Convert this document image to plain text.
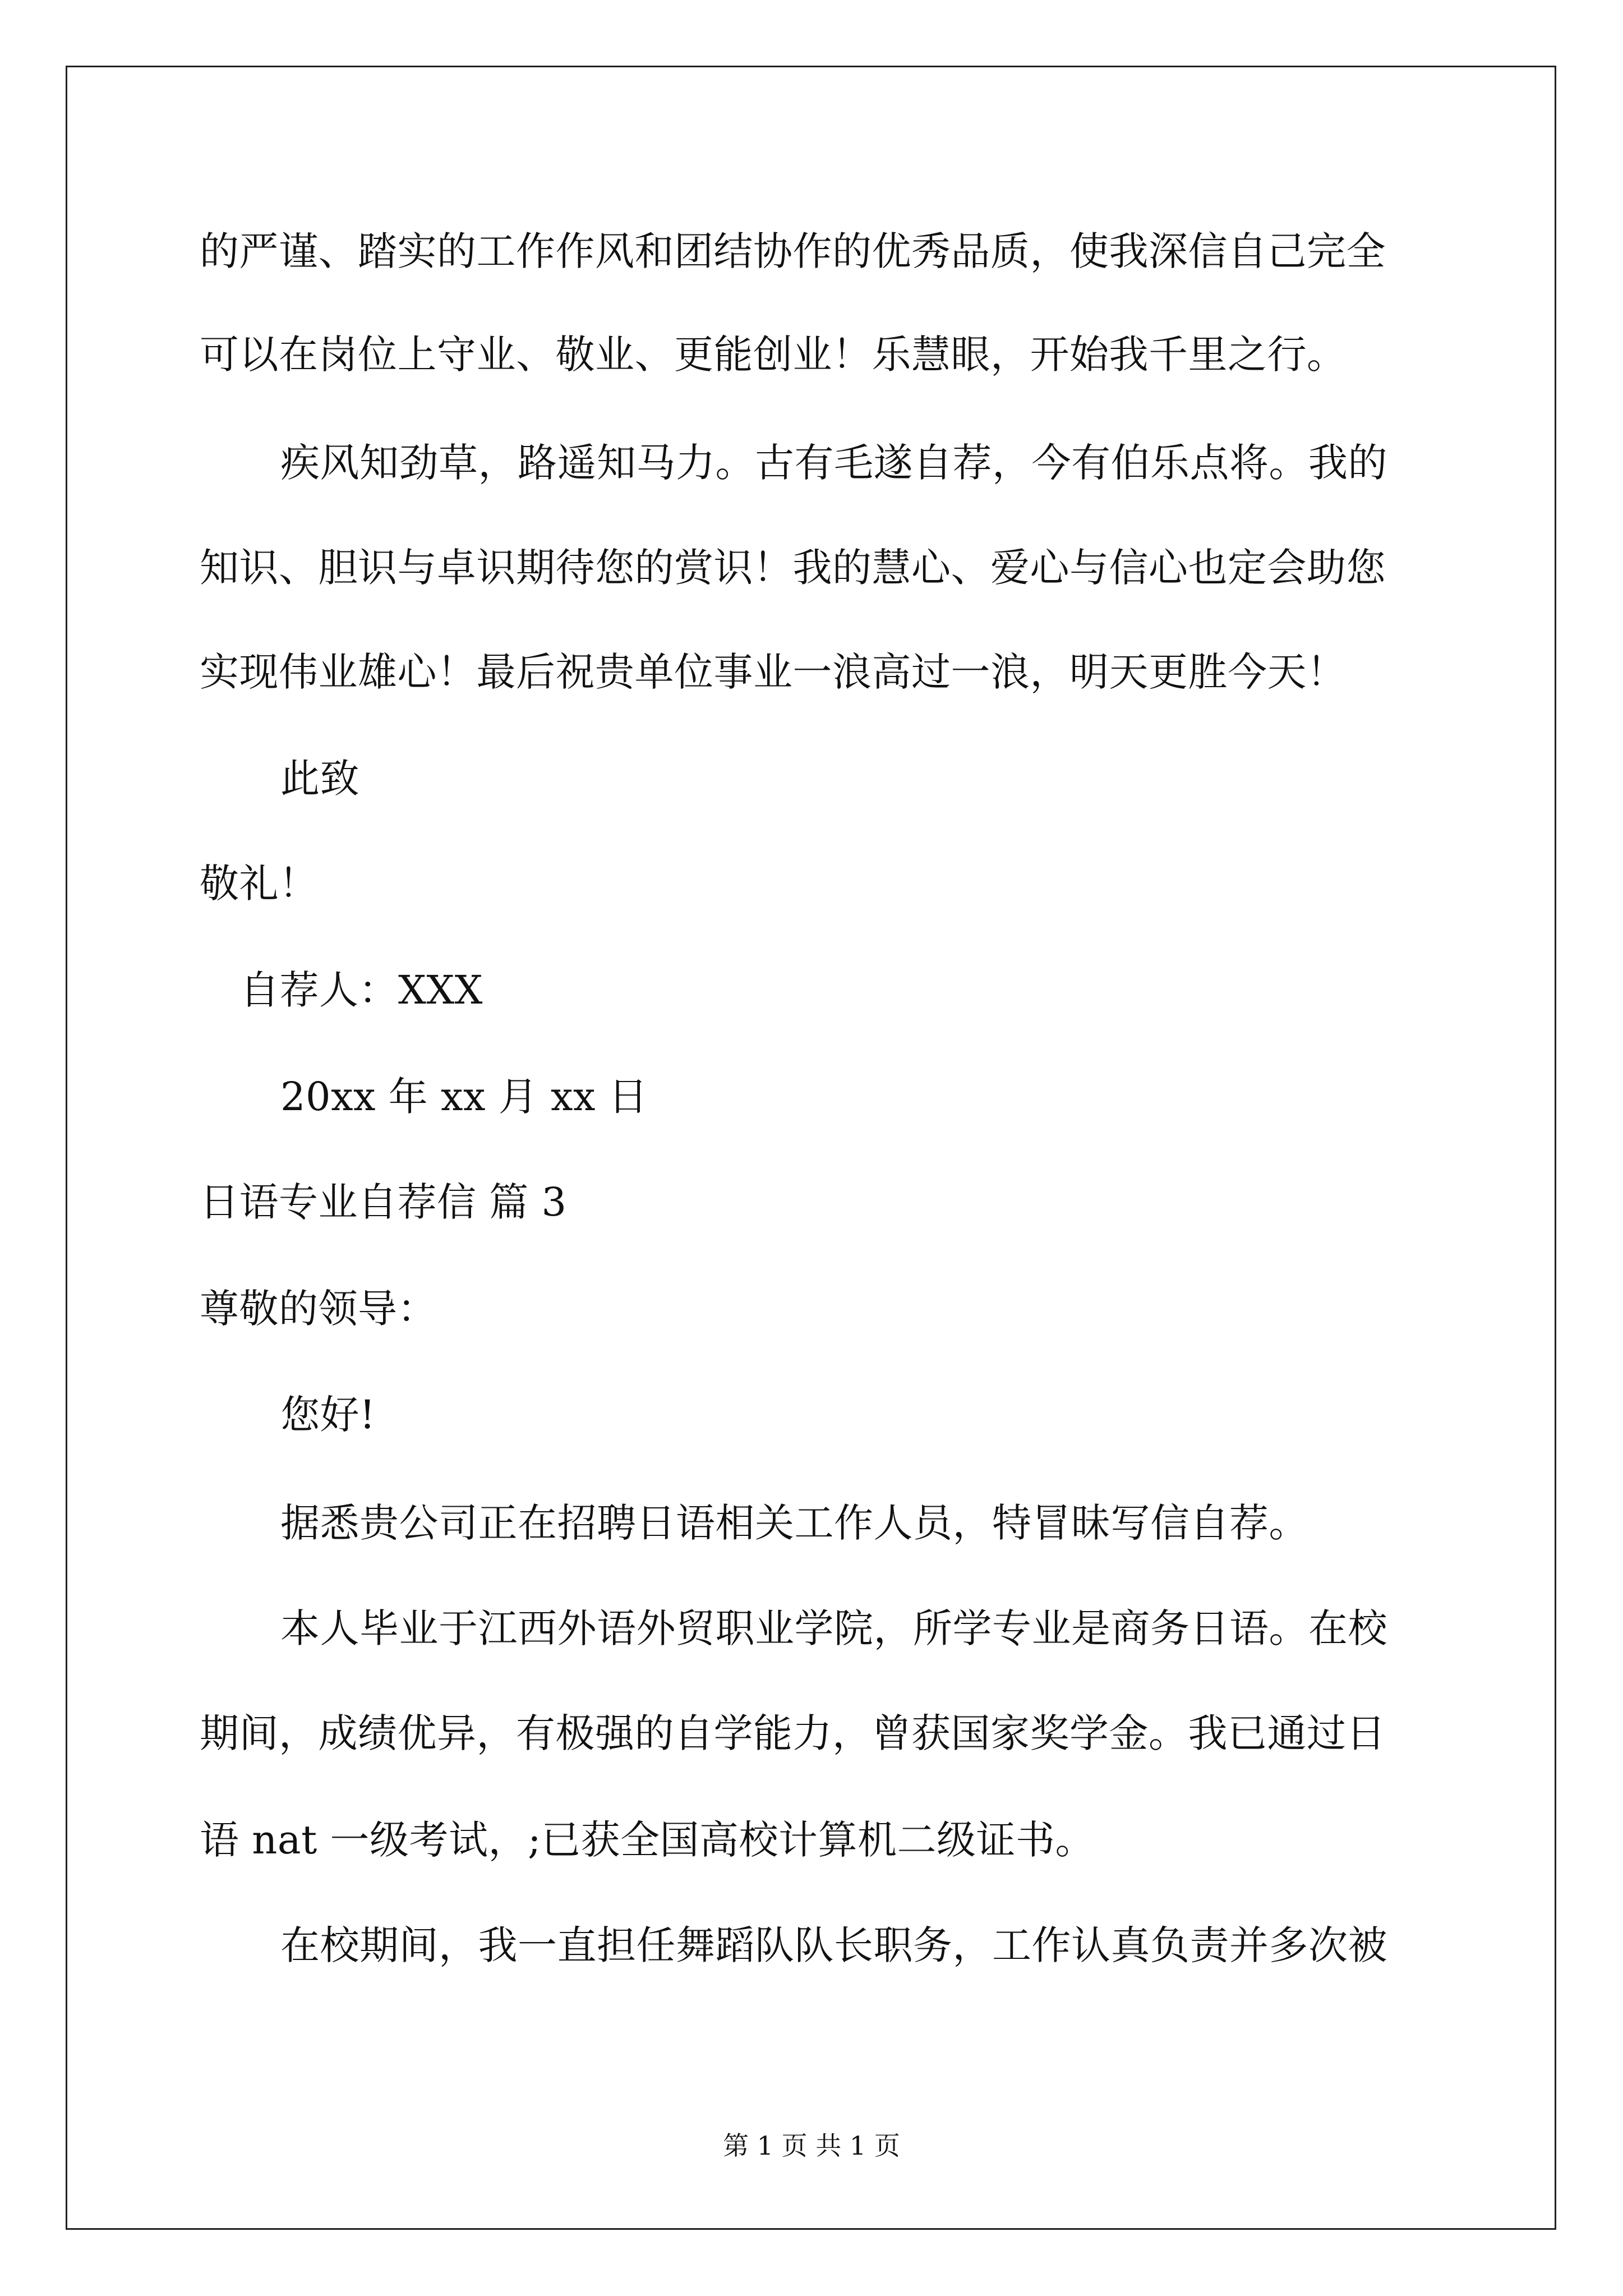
的严谨、踏实的工作作风和团结协作的优秀品质，使我深信自己完全
可以在岗位上守业、敬业、更能创业！乐慧眼，开始我千里之行。
疾风知劲草，路遥知马力。古有毛遂自荐，今有伯乐点将。我的
知识、胆识与卓识期待您的赏识！我的慧心、爱心与信心也定会助您
实现伟业雄心！最后祝贵单位事业一浪高过一浪，明天更胜今天！
此致
敬礼！
自荐人：XXX
20xx 年 xx 月 xx 日
日语专业自荐信 篇 3
尊敬的领导：
您好!
据悉贵公司正在招聘日语相关工作人员，特冒昧写信自荐。
本人毕业于江西外语外贸职业学院，所学专业是商务日语。在校
期间，成绩优异，有极强的自学能力，曾获国家奖学金。我已通过日
语 nat 一级考试，;已获全国高校计算机二级证书。
在校期间，我一直担任舞蹈队队长职务，工作认真负责并多次被
第 1 页 共 1 页
